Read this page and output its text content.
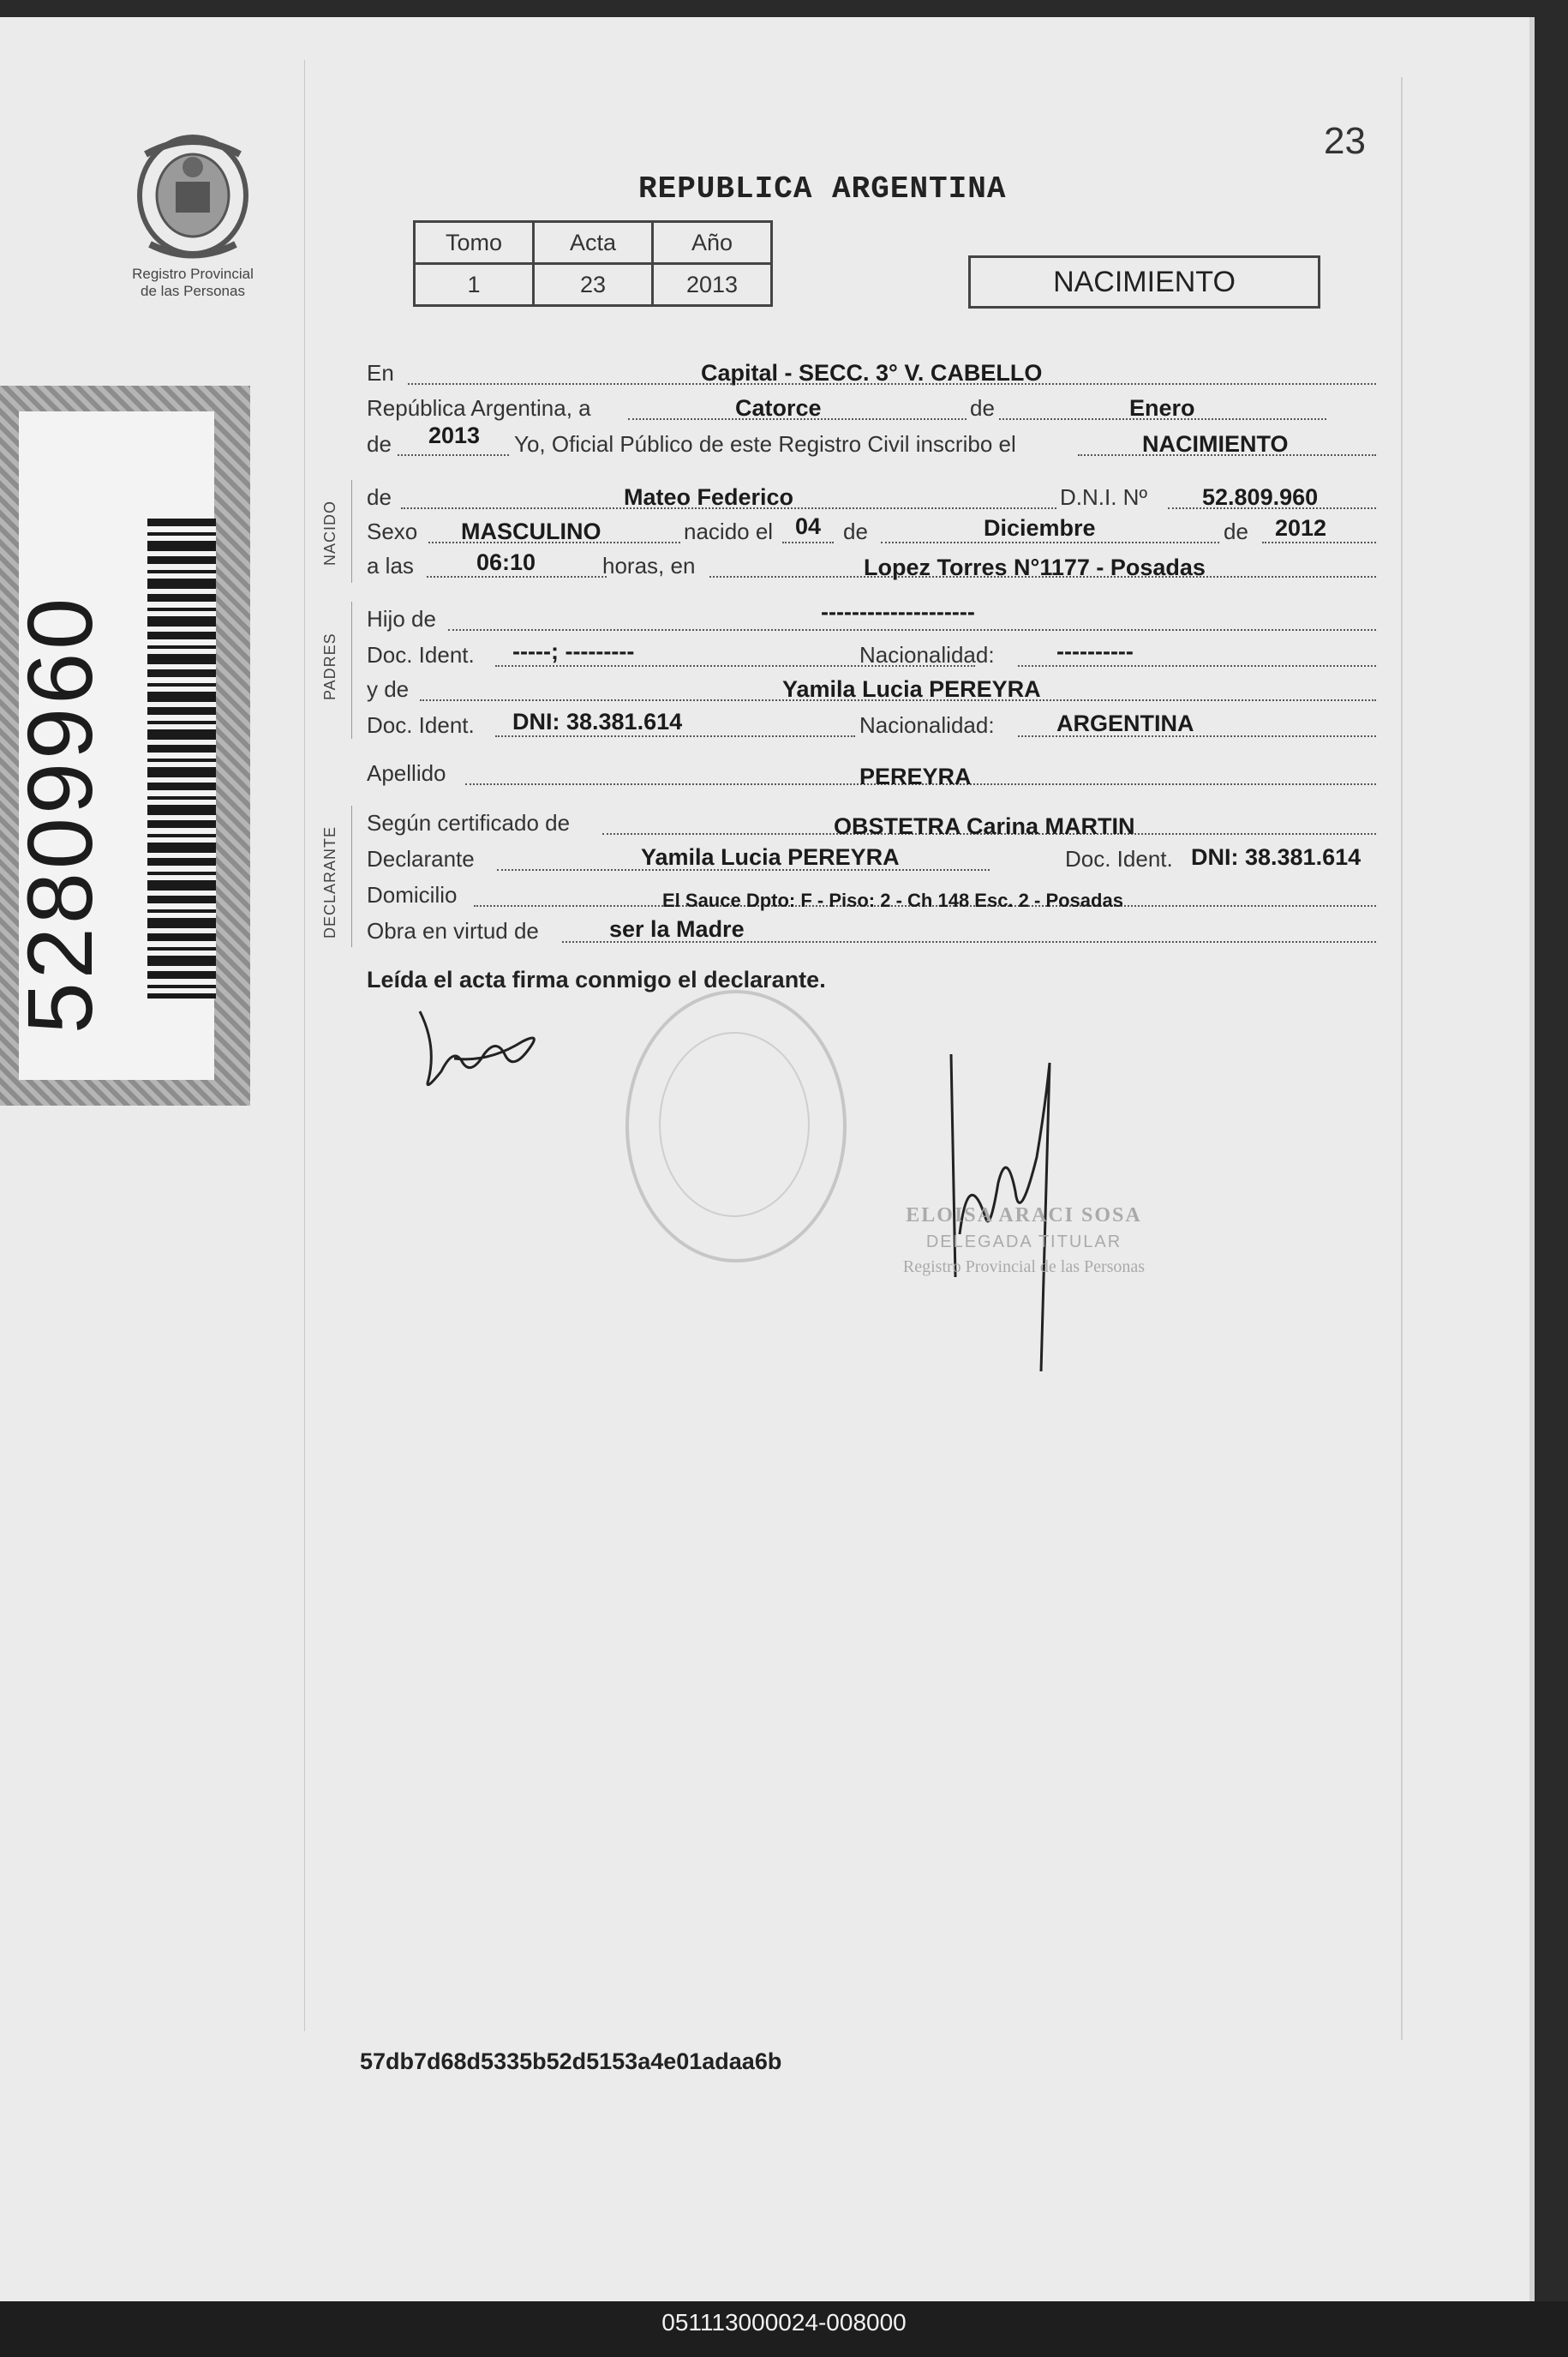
23
Registro Provincial
de las Personas
52809960
REPUBLICA ARGENTINA
Tomo	Acta	Año
1	23	2013	NACIMIENTO
En	Capital - SECC. 3° V. CABELLO
República Argentina, a	Catorce	de	Enero
de 2013 Yo, Oficial Público de este Registro Civil inscribo el	NACIMIENTO
de	Mateo Federico	D.N.I. Nº 52.809.960
Sexo MASCULINO	nacido el 04 de	Diciembre	de 2012
a las	06:10	horas, en	Lopez Torres N°1177 - Posadas
Hijo de	--------------------
Doc. Ident. -----; ---------	Nacionalidad:	----------
y de	Yamila Lucia PEREYRA
Doc. Ident. DNI: 38.381.614	Nacionalidad:	ARGENTINA
Apellido	PEREYRA
Según certificado de	OBSTETRA Carina MARTIN
Declarante	Yamila Lucia PEREYRA	Doc. Ident. DNI: 38.381.614
Domicilio	El Sauce Dpto: F - Piso: 2 - Ch 148 Esc. 2 - Posadas
Obra en virtud de	ser la Madre
NACIDO
PADRES
DECLARANTE
Leída el acta firma conmigo el declarante.
ELOISA ARACI SOSA
DELEGADA TITULAR
Registro Provincial de las Personas
57db7d68d5335b52d5153a4e01adaa6b
051113000024-008000
